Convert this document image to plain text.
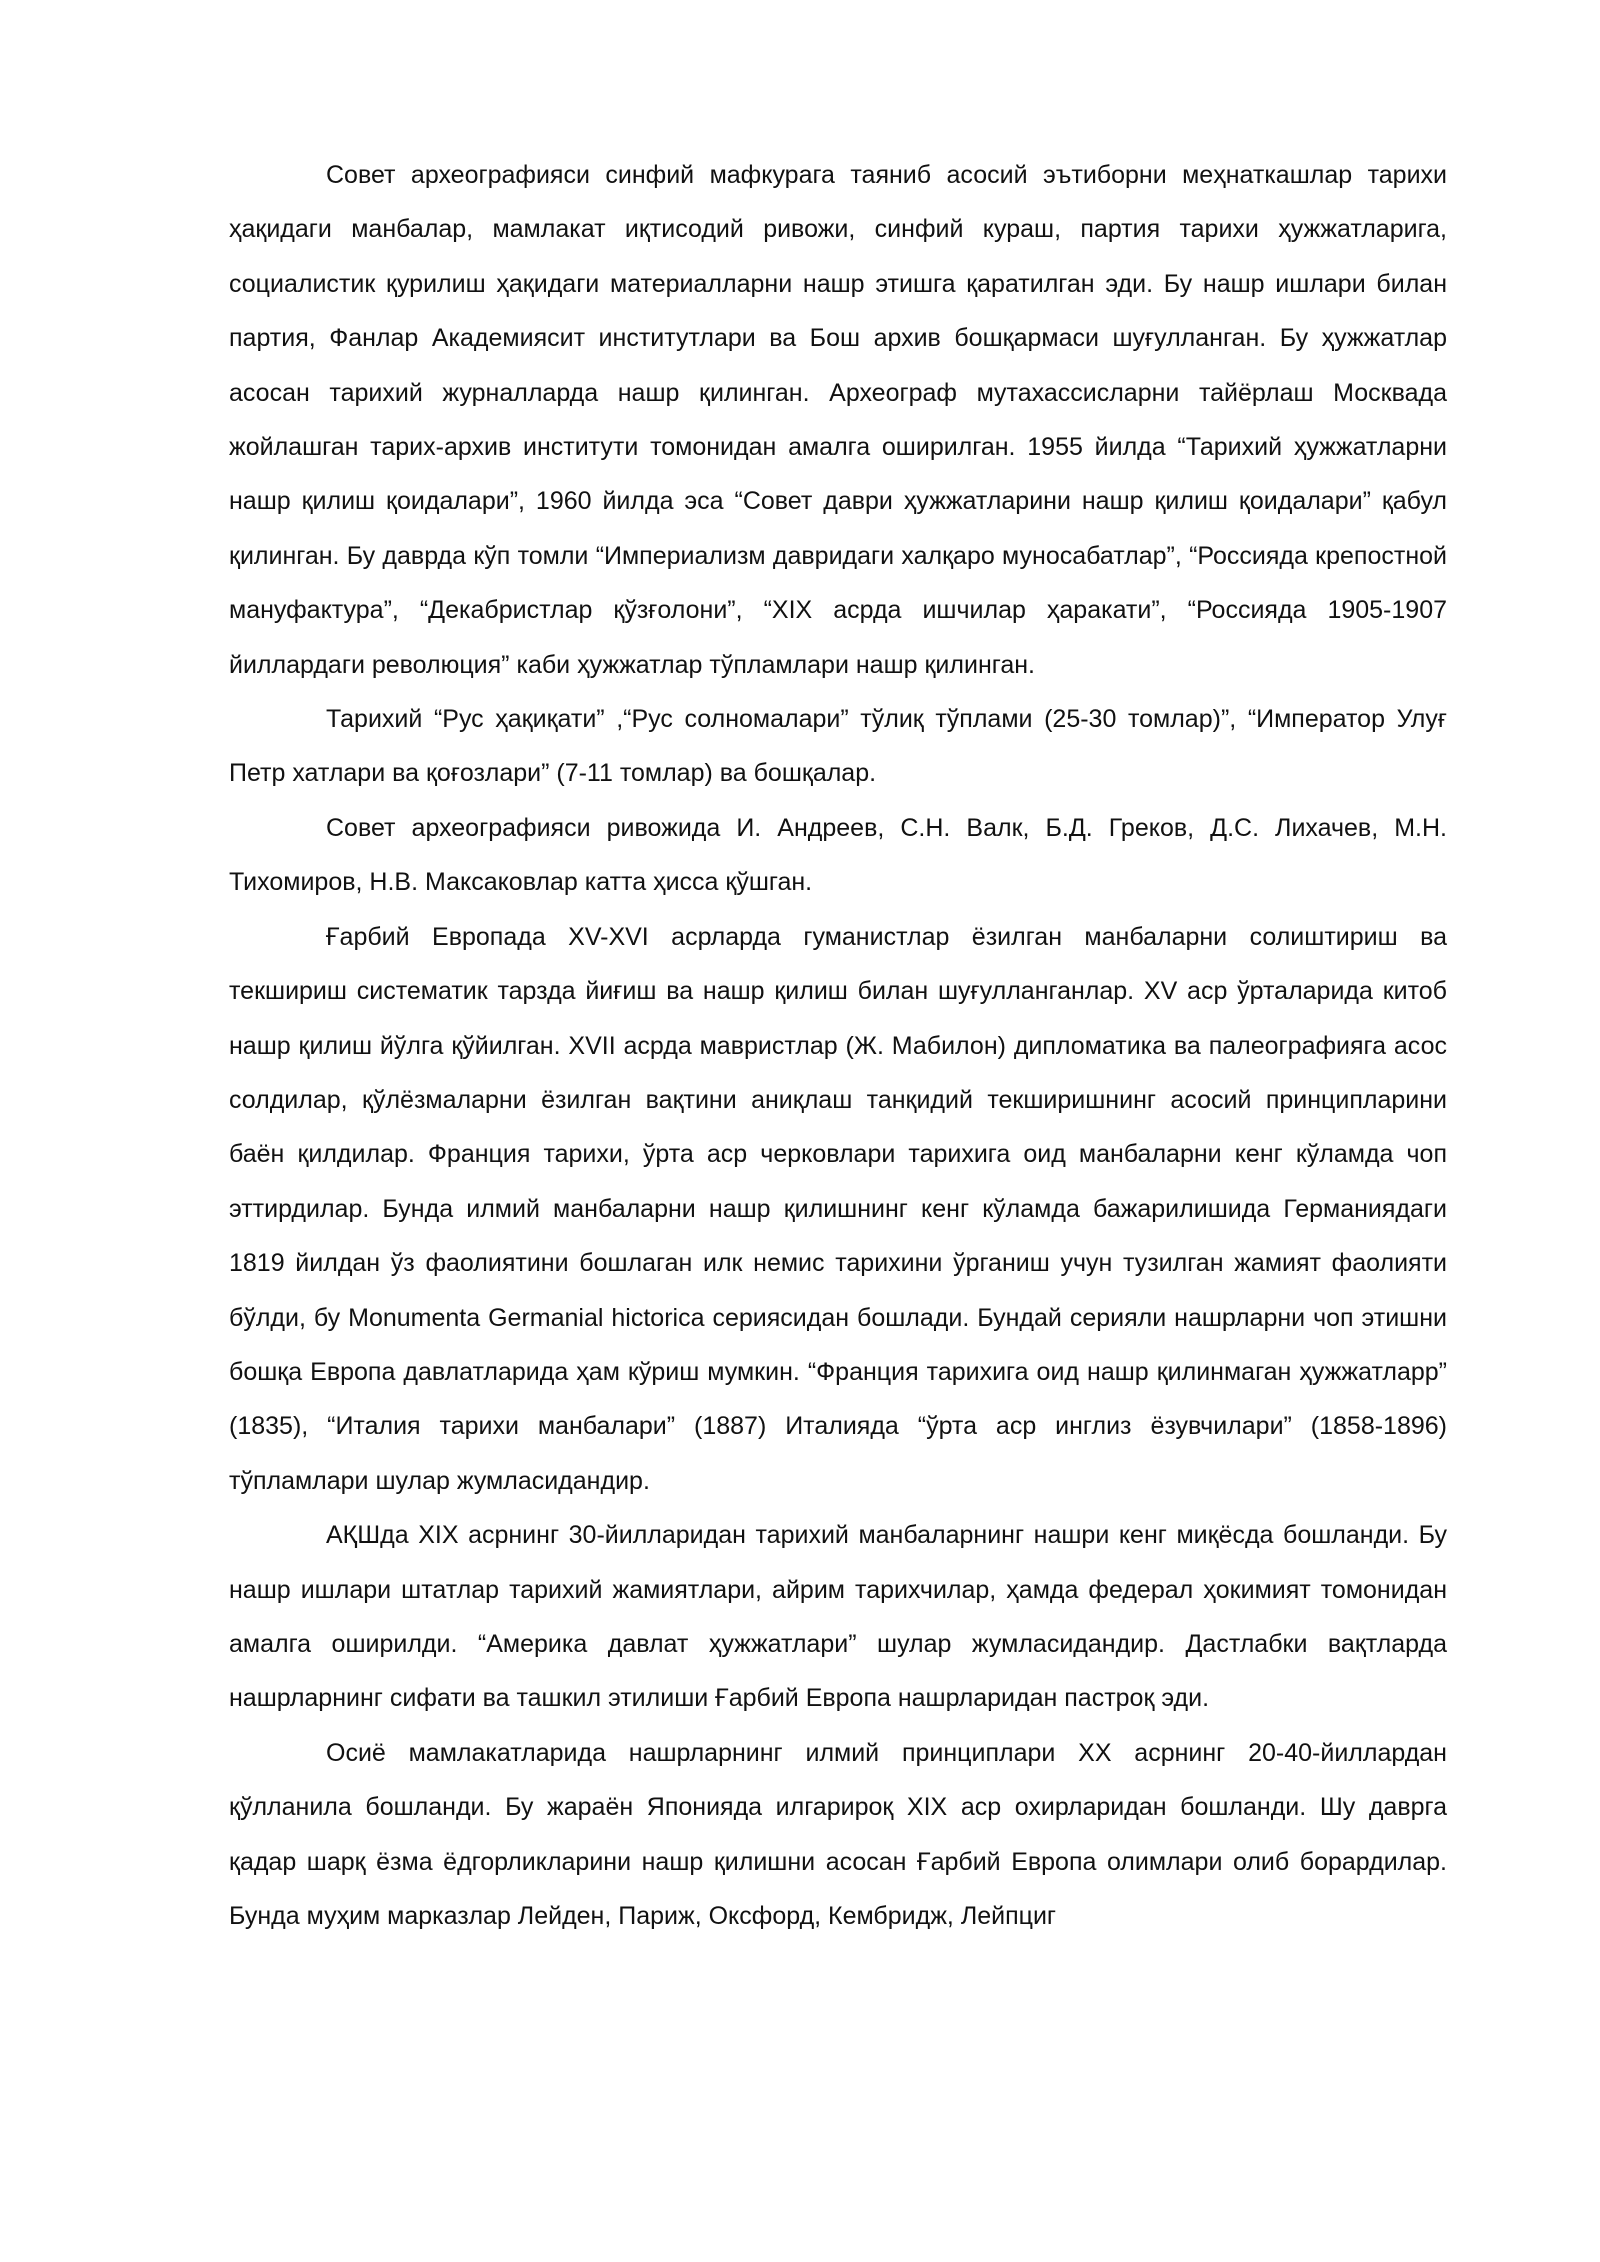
Совет археографияси синфий мафкурага таяниб асосий эътиборни меҳнаткашлар тарихи ҳақидаги манбалар, мамлакат иқтисодий ривожи, синфий кураш, партия тарихи ҳужжатларига, социалистик қурилиш ҳақидаги материалларни нашр этишга қаратилган эди. Бу нашр ишлари билан партия, Фанлар Академиясит институтлари ва Бош архив бошқармаси шуғулланган. Бу ҳужжатлар асосан тарихий журналларда нашр қилинган. Археограф мутахассисларни тайёрлаш Москвада жойлашган тарих-архив институти томонидан амалга оширилган. 1955 йилда “Тарихий ҳужжатларни нашр қилиш қоидалари”, 1960 йилда эса “Совет даври ҳужжатларини нашр қилиш қоидалари” қабул қилинган. Бу даврда кўп томли “Империализм давридаги халқаро муносабатлар”, “Россияда крепостной мануфактура”, “Декабристлар қўзғолони”, “XIX асрда ишчилар ҳаракати”, “Россияда 1905-1907 йиллардаги революция” каби ҳужжатлар тўпламлари нашр қилинган.

Тарихий “Рус ҳақиқати” ,“Рус солномалари” тўлиқ тўплами (25-30 томлар)”, “Император Улуғ Петр хатлари ва қоғозлари” (7-11 томлар) ва бошқалар.

Совет археографияси ривожида И. Андреев, С.Н. Валк, Б.Д. Греков, Д.С. Лихачев, М.Н. Тихомиров, Н.В. Максаковлар катта ҳисса қўшган.

Ғарбий Европада XV-XVI асрларда гуманистлар ёзилган манбаларни солиштириш ва текшириш систематик тарзда йиғиш ва нашр қилиш билан шуғулланганлар. XV аср ўрталарида китоб нашр қилиш йўлга қўйилган. XVII асрда мавристлар (Ж. Мабилон) дипломатика ва палеографияга асос солдилар, қўлёзмаларни ёзилган вақтини аниқлаш танқидий текширишнинг асосий принципларини баён қилдилар. Франция тарихи, ўрта аср черковлари тарихига оид манбаларни кенг кўламда чоп эттирдилар. Бунда илмий манбаларни нашр қилишнинг кенг кўламда бажарилишида Германиядаги 1819 йилдан ўз фаолиятини бошлаган илк немис тарихини ўрганиш учун тузилган жамият фаолияти бўлди, бу Monumenta Germanial hictorica сериясидан бошлади. Бундай серияли нашрларни чоп этишни бошқа Европа давлатларида ҳам кўриш мумкин. “Франция тарихига оид нашр қилинмаган ҳужжатларр” (1835), “Италия тарихи манбалари” (1887) Италияда “ўрта аср инглиз ёзувчилари” (1858-1896) тўпламлари шулар жумласидандир.

АҚШда XIX асрнинг 30-йилларидан тарихий манбаларнинг нашри кенг миқёсда бошланди. Бу нашр ишлари штатлар тарихий жамиятлари, айрим тарихчилар, ҳамда федерал ҳокимият томонидан амалга оширилди. “Америка давлат ҳужжатлари” шулар жумласидандир. Дастлабки вақтларда нашрларнинг сифати ва ташкил этилиши Ғарбий Европа нашрларидан пастроқ эди.

Осиё мамлакатларида нашрларнинг илмий принциплари XX асрнинг 20-40-йиллардан қўлланила бошланди. Бу жараён Японияда илгарироқ XIX аср охирларидан бошланди. Шу даврга қадар шарқ ёзма ёдгорликларини нашр қилишни асосан Ғарбий Европа олимлари олиб борардилар. Бунда муҳим марказлар Лейден, Париж, Оксфорд, Кембридж, Лейпциг
